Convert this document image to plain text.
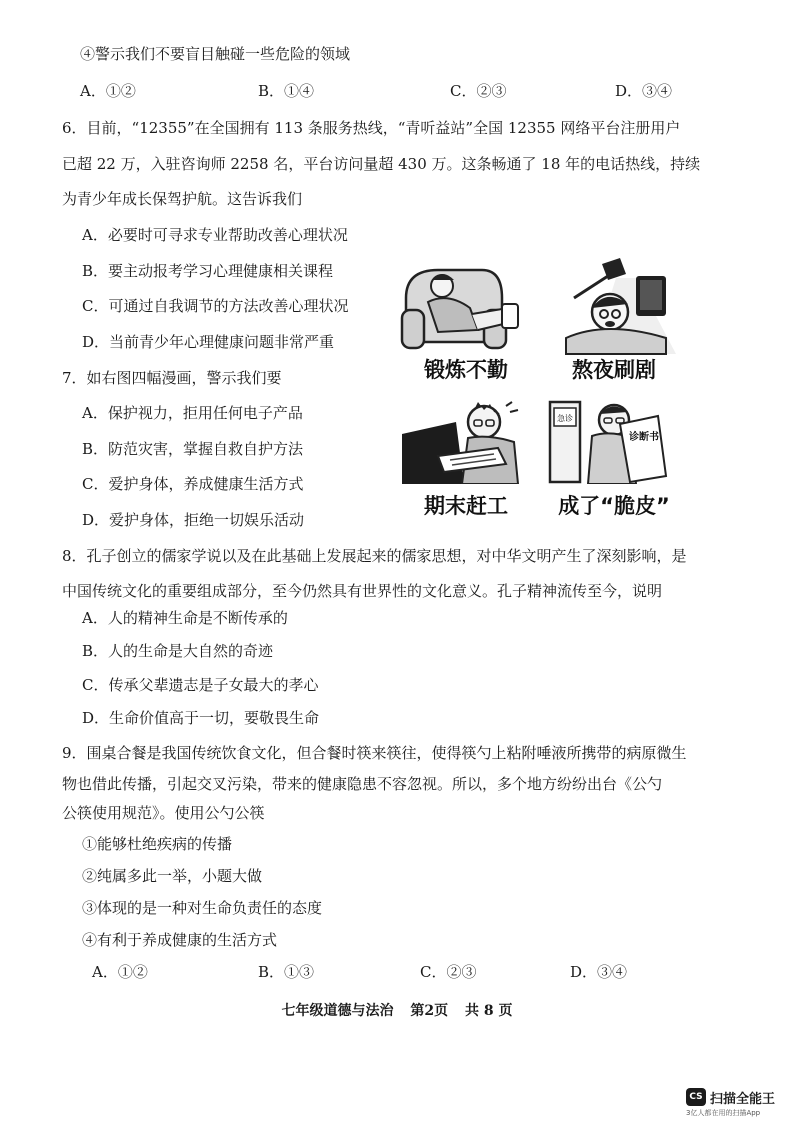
④警示我们不要盲目触碰一些危险的领域
A．①②	B．①④	C．②③	D．③④
6．目前，“12355”在全国拥有 113 条服务热线，“青听益站”全国 12355 网络平台注册用户
已超 22 万，入驻咨询师 2258 名，平台访问量超 430 万。这条畅通了 18 年的电话热线，持续
为青少年成长保驾护航。这告诉我们
A．必要时可寻求专业帮助改善心理状况
B．要主动报考学习心理健康相关课程
C．可通过自我调节的方法改善心理状况
D．当前青少年心理健康问题非常严重
7．如右图四幅漫画，警示我们要
A．保护视力，拒用任何电子产品
B．防范灾害，掌握自救自护方法
C．爱护身体，养成健康生活方式
D．爱护身体，拒绝一切娱乐活动
锻炼不勤	熬夜刷剧
期末赶工
急诊
诊断书
成了“脆皮”
8．孔子创立的儒家学说以及在此基础上发展起来的儒家思想，对中华文明产生了深刻影响，是
中国传统文化的重要组成部分，至今仍然具有世界性的文化意义。孔子精神流传至今，说明
A．人的精神生命是不断传承的
B．人的生命是大自然的奇迹
C．传承父辈遗志是子女最大的孝心
D．生命价值高于一切，要敬畏生命
9．围桌合餐是我国传统饮食文化，但合餐时筷来筷往，使得筷勺上粘附唾液所携带的病原微生
物也借此传播，引起交叉污染，带来的健康隐患不容忽视。所以，多个地方纷纷出台《公勺
公筷使用规范》。使用公勺公筷
①能够杜绝疾病的传播
②纯属多此一举，小题大做
③体现的是一种对生命负责任的态度
④有利于养成健康的生活方式
A．①②	B．①③	C．②③	D．③④
七年级道德与法治 第2页 共 8 页
CS 扫描全能王
3亿人都在用的扫描App
